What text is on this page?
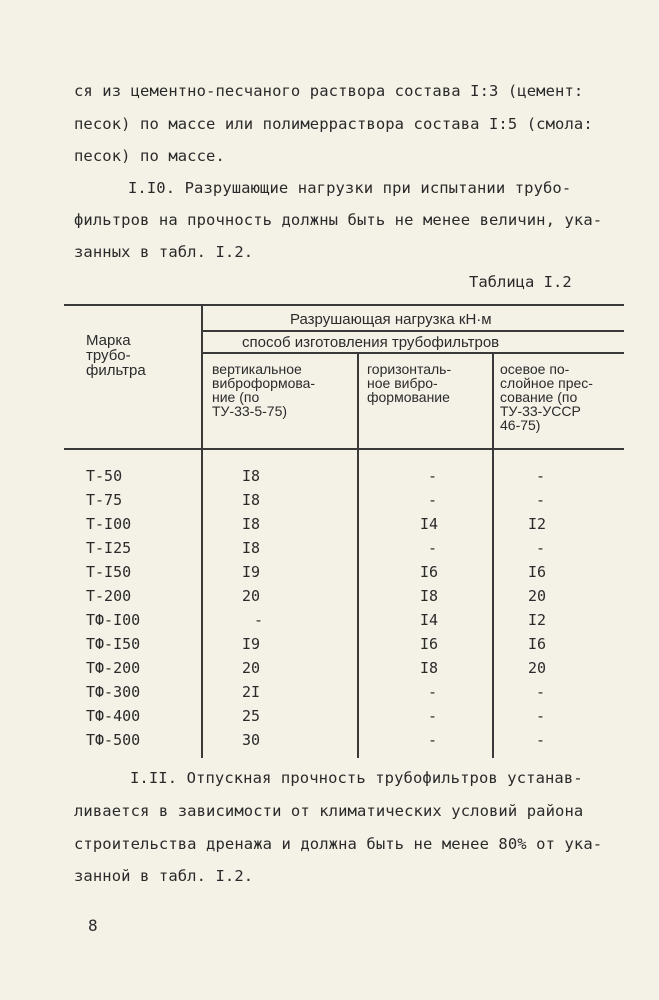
ся из цементно-песчаного раствора состава I:3 (цемент:
песок) по массе или полимерраствора состава I:5 (смола:
песок) по массе.
I.I0. Разрушающие нагрузки при испытании трубо-
фильтров на прочность должны быть не менее величин, ука-
занных в табл. I.2.
Таблица I.2
Марка
трубо-
фильтра
Разрушающая нагрузка кН·м
способ изготовления трубофильтров
вертикальное
виброформова-
ние (по
ТУ-33-5-75)
горизонталь-
ное вибро-
формование
осевое по-
слойное прес-
сование (по
ТУ-33-УССР
46-75)
Т-50	I8	-	-
Т-75	I8	-	-
Т-I00	I8	I4	I2
Т-I25	I8	-	-
Т-I50	I9	I6	I6
Т-200	20	I8	20
ТФ-I00	-	I4	I2
ТФ-I50	I9	I6	I6
ТФ-200	20	I8	20
ТФ-300	2I	-	-
ТФ-400	25	-	-
ТФ-500	30	-	-
I.II. Отпускная прочность трубофильтров устанав-
ливается в зависимости от климатических условий района
строительства дренажа и должна быть не менее 80% от ука-
занной в табл. I.2.
8
